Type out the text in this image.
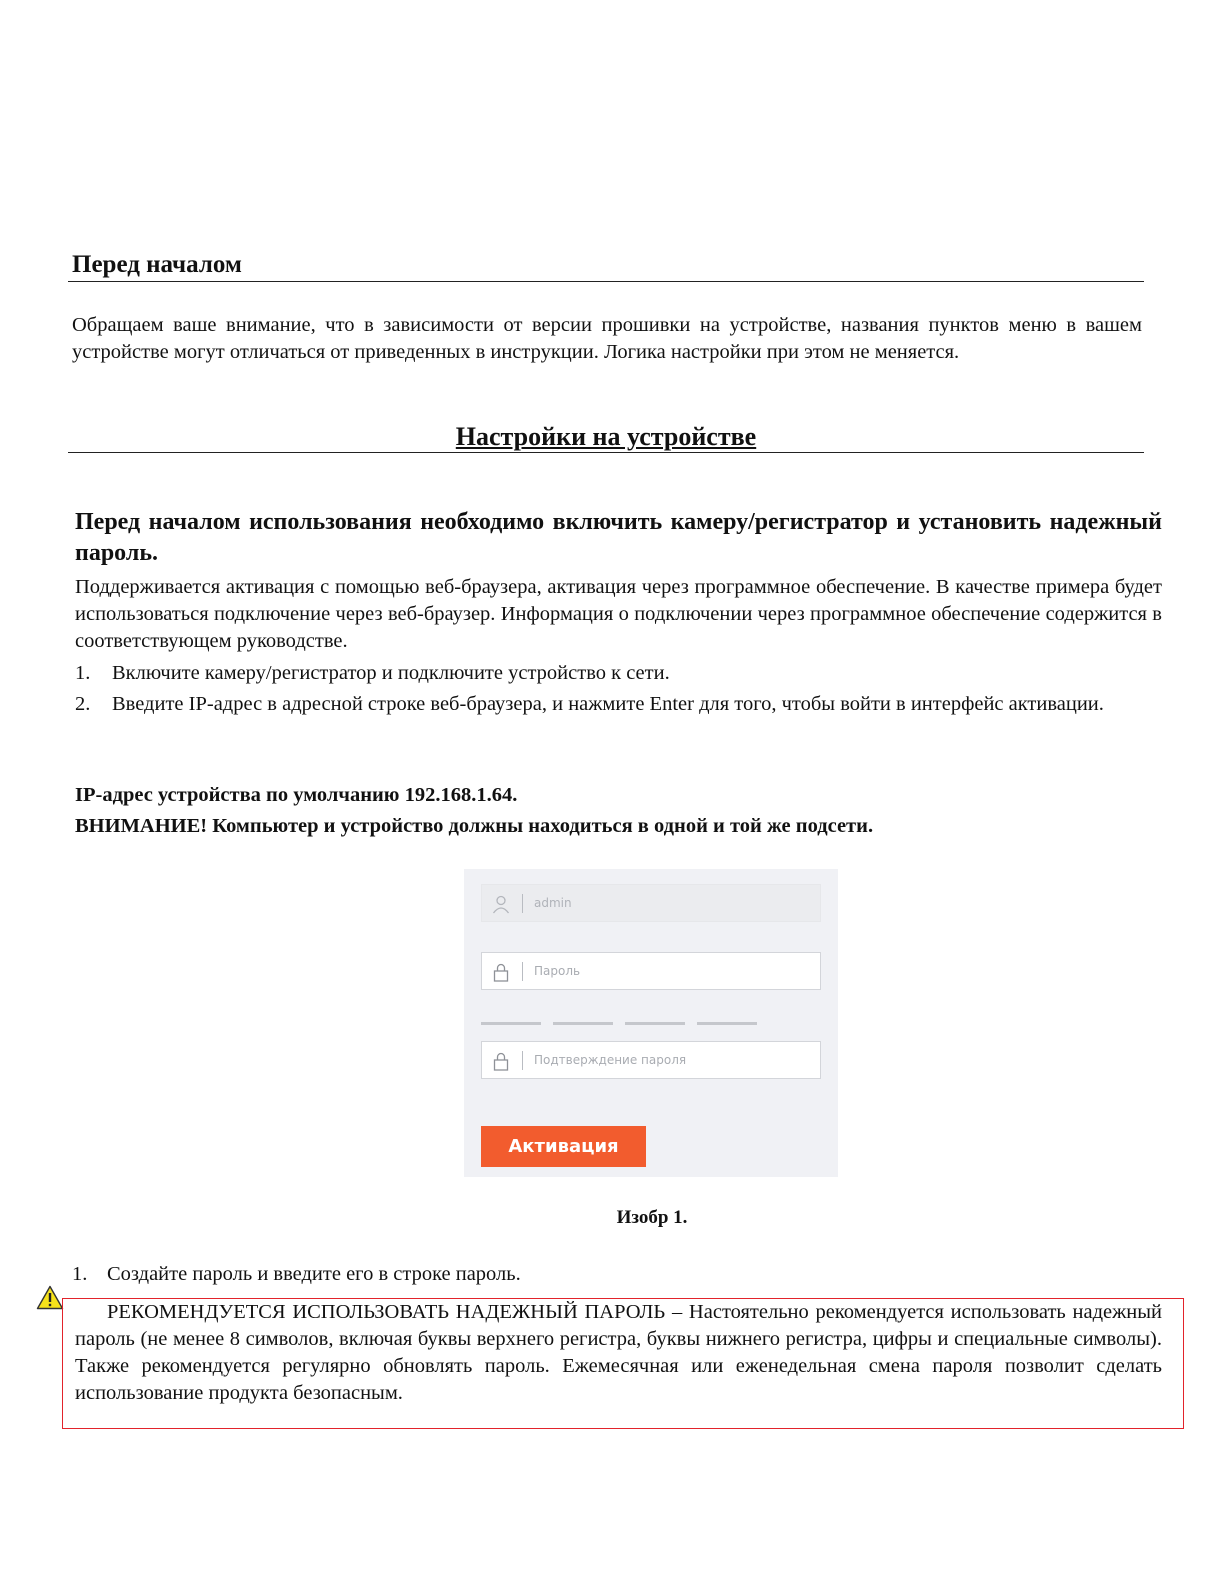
Перед началом
Обращаем ваше внимание, что в зависимости от версии прошивки на устройстве, названия пунктов меню в вашем устройстве могут отличаться от приведенных в инструкции. Логика настройки при этом не меняется.
Настройки на устройстве
Перед началом использования необходимо включить камеру/регистратор и установить надежный пароль.
Поддерживается активация с помощью веб-браузера, активация через программное обеспечение. В качестве примера будет использоваться подключение через веб-браузер. Информация о подключении через программное обеспечение содержится в соответствующем руководстве.
1. Включите камеру/регистратор и подключите устройство к сети.
2. Введите IP-адрес в адресной строке веб-браузера, и нажмите Enter для того, чтобы войти в интерфейс активации.
IP-адрес устройства по умолчанию 192.168.1.64.
ВНИМАНИЕ! Компьютер и устройство должны находиться в одной и той же подсети.
admin
Пароль
Подтверждение пароля
Активация
Изобр 1.
1. Создайте пароль и введите его в строке пароль.
РЕКОМЕНДУЕТСЯ ИСПОЛЬЗОВАТЬ НАДЕЖНЫЙ ПАРОЛЬ – Настоятельно рекомендуется использовать надежный пароль (не менее 8 символов, включая буквы верхнего регистра, буквы нижнего регистра, цифры и специальные символы). Также рекомендуется регулярно обновлять пароль. Ежемесячная или еженедельная смена пароля позволит сделать использование продукта безопасным.
